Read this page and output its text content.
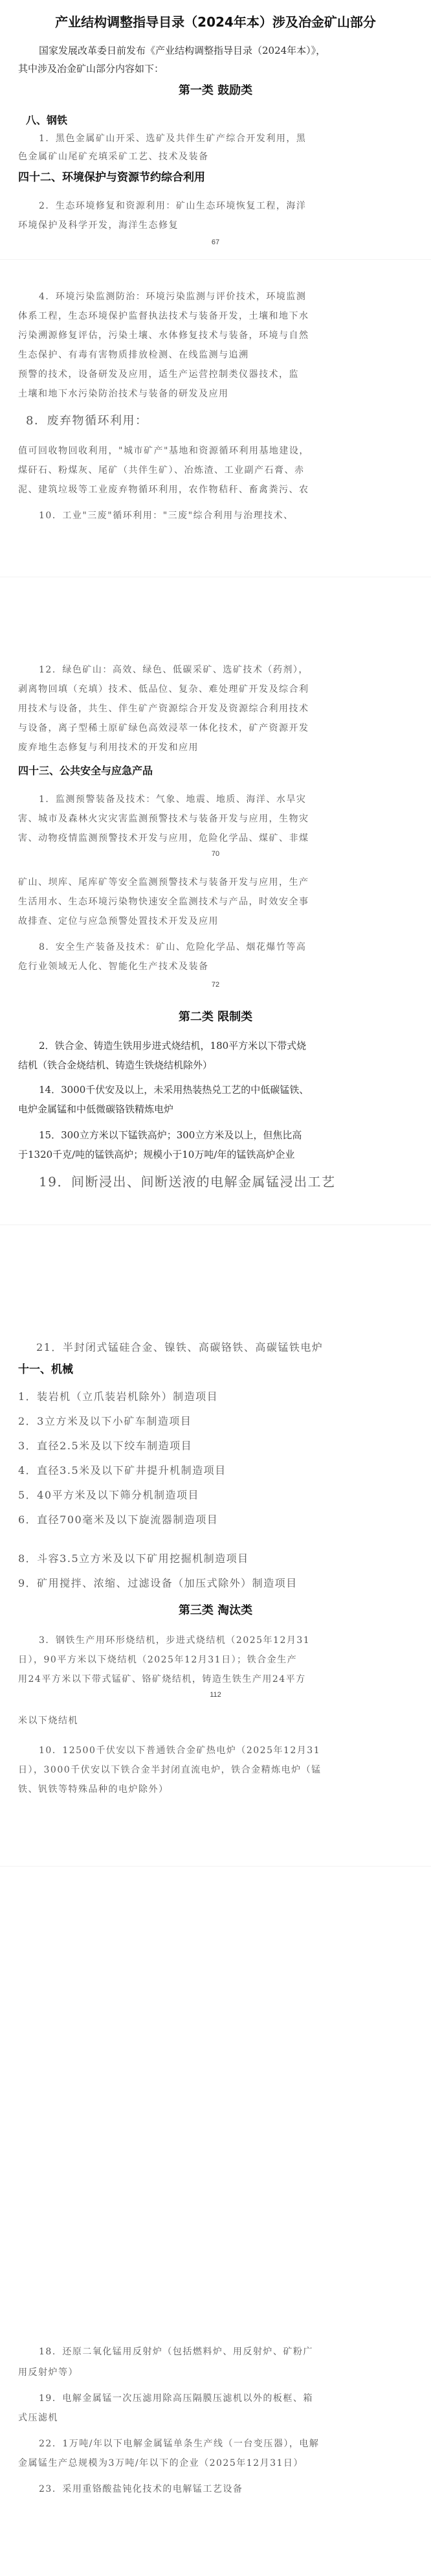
产业结构调整指导目录（2024年本）涉及冶金矿山部分
国家发展改革委日前发布《产业结构调整指导目录（2024年本）》，
其中涉及冶金矿山部分内容如下：
第一类 鼓励类
八、钢铁
1．黑色金属矿山开采、选矿及共伴生矿产综合开发利用，黑
色金属矿山尾矿充填采矿工艺、技术及装备
四十二、环境保护与资源节约综合利用
2．生态环境修复和资源利用：矿山生态环境恢复工程，海洋
环境保护及科学开发，海洋生态修复
67
4．环境污染监测防治：环境污染监测与评价技术，环境监测
体系工程，生态环境保护监督执法技术与装备开发，土壤和地下水
污染溯源修复评估，污染土壤、水体修复技术与装备，环境与自然
生态保护、有毒有害物质排放检测、在线监测与追溯
预警的技术，设备研发及应用，适生产运营控制类仪器技术，监
土壤和地下水污染防治技术与装备的研发及应用
8．废弃物循环利用：
值可回收物回收利用，"城市矿产"基地和资源循环利用基地建设，
煤矸石、粉煤灰、尾矿（共伴生矿）、冶炼渣、工业副产石膏、赤
泥、建筑垃圾等工业废弃物循环利用，农作物秸秆、畜禽粪污、农
10．工业"三废"循环利用："三废"综合利用与治理技术、
12．绿色矿山：高效、绿色、低碳采矿、选矿技术（药剂），
剥离物回填（充填）技术、低品位、复杂、难处理矿开发及综合利
用技术与设备，共生、伴生矿产资源综合开发及资源综合利用技术
与设备，离子型稀土原矿绿色高效浸萃一体化技术，矿产资源开发
废弃地生态修复与利用技术的开发和应用
四十三、公共安全与应急产品
1．监测预警装备及技术：气象、地震、地质、海洋、水旱灾
害、城市及森林火灾灾害监测预警技术与装备开发与应用，生物灾
害、动物疫情监测预警技术开发与应用，危险化学品、煤矿、非煤
70
矿山、坝库、尾库矿等安全监测预警技术与装备开发与应用，生产
生活用水、生态环境污染物快速安全监测技术与产品，时效安全事
故排查、定位与应急预警处置技术开发及应用
8．安全生产装备及技术：矿山、危险化学品、烟花爆竹等高
危行业领域无人化、智能化生产技术及装备
72
第二类 限制类
2．铁合金、铸造生铁用步进式烧结机，180平方米以下带式烧
结机（铁合金烧结机、铸造生铁烧结机除外）
14．3000千伏安及以上，未采用热装热兑工艺的中低碳锰铁、
电炉金属锰和中低微碳铬铁精炼电炉
15．300立方米以下锰铁高炉；300立方米及以上，但焦比高
于1320千克/吨的锰铁高炉；规模小于10万吨/年的锰铁高炉企业
19．间断浸出、间断送液的电解金属锰浸出工艺
21．半封闭式锰硅合金、镍铁、高碳铬铁、高碳锰铁电炉
十一、机械
1．装岩机（立爪装岩机除外）制造项目
2．3立方米及以下小矿车制造项目
3．直径2.5米及以下绞车制造项目
4．直径3.5米及以下矿井提升机制造项目
5．40平方米及以下筛分机制造项目
6．直径700毫米及以下旋流器制造项目
8．斗容3.5立方米及以下矿用挖掘机制造项目
9．矿用搅拌、浓缩、过滤设备（加压式除外）制造项目
第三类 淘汰类
3．钢铁生产用环形烧结机，步进式烧结机（2025年12月31
日），90平方米以下烧结机（2025年12月31日）；铁合金生产
用24平方米以下带式锰矿、铬矿烧结机，铸造生铁生产用24平方
112
米以下烧结机
10．12500千伏安以下普通铁合金矿热电炉（2025年12月31
日），3000千伏安以下铁合金半封闭直流电炉，铁合金精炼电炉（锰
铁、钒铁等特殊品种的电炉除外）
18．还原二氧化锰用反射炉（包括燃料炉、用反射炉、矿粉广
用反射炉等）
19．电解金属锰一次压滤用除高压隔膜压滤机以外的板框、箱
式压滤机
22．1万吨/年以下电解金属锰单条生产线（一台变压器），电解
金属锰生产总规模为3万吨/年以下的企业（2025年12月31日）
23．采用重铬酸盐钝化技术的电解锰工艺设备
